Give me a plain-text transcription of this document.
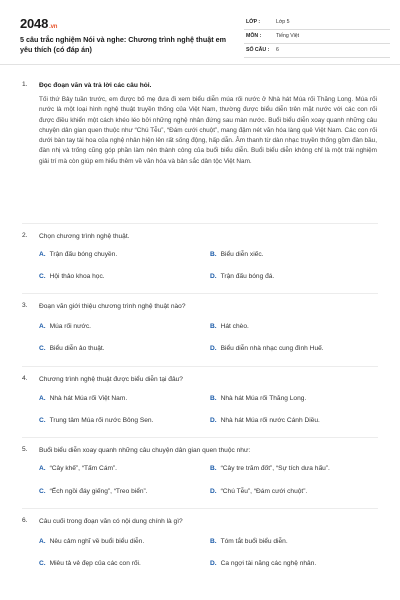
2048.vn
5 câu trắc nghiệm Nói và nghe: Chương trình nghệ thuật em yêu thích (có đáp án)
LỚP :	Lớp 5
MÔN :	Tiếng Việt
SỐ CÂU : 6
1. Đọc đoạn văn và trả lời các câu hỏi.
Tối thứ Bảy tuần trước, em được bố mẹ đưa đi xem biểu diễn múa rối nước ở Nhà hát Múa rối Thăng Long. Múa rối nước là một loại hình nghệ thuật truyền thống của Việt Nam, thường được biểu diễn trên mặt nước với các con rối được điều khiển một cách khéo léo bởi những nghệ nhân đứng sau màn nước. Buổi biểu diễn xoay quanh những câu chuyện dân gian quen thuộc như “Chú Tễu”, “Đám cưới chuột”, mang đậm nét văn hóa làng quê Việt Nam. Các con rối dưới bàn tay tài hoa của nghệ nhân hiện lên rất sống động, hấp dẫn. Âm thanh từ dàn nhạc truyền thống gồm đàn bầu, đàn nhị và trống cũng góp phần làm nên thành công của buổi biểu diễn. Buổi biểu diễn không chỉ là một trải nghiệm giải trí mà còn giúp em hiểu thêm về văn hóa và bản sắc dân tộc Việt Nam.
2. Chọn chương trình nghệ thuật.
A. Trận đấu bóng chuyền.	B. Biểu diễn xiếc.
C. Hội thảo khoa học.	D. Trận đấu bóng đá.
3. Đoạn văn giới thiệu chương trình nghệ thuật nào?
A. Múa rối nước.	B. Hát chèo.
C. Biểu diễn ảo thuật.	D. Biểu diễn nhà nhạc cung đình Huế.
4. Chương trình nghệ thuật được biểu diễn tại đâu?
A. Nhà hát Múa rối Việt Nam.	B. Nhà hát Múa rối Thăng Long.
C. Trung tâm Múa rối nước Bông Sen.	D. Nhà hát Múa rối nước Cánh Diều.
5. Buổi biểu diễn xoay quanh những câu chuyện dân gian quen thuộc như:
A. “Cây khế”, “Tấm Cám”.	B. “Cây tre trăm đốt”, “Sự tích dưa hấu”.
C. “Ếch ngồi đáy giếng”, “Treo biển”.	D. “Chú Tễu”, “Đám cưới chuột”.
6. Câu cuối trong đoạn văn có nội dung chính là gì?
A. Nêu cảm nghĩ về buổi biểu diễn.	B. Tóm tắt buổi biểu diễn.
C. Miêu tả vẻ đẹp của các con rối.	D. Ca ngợi tài năng các nghệ nhân.
